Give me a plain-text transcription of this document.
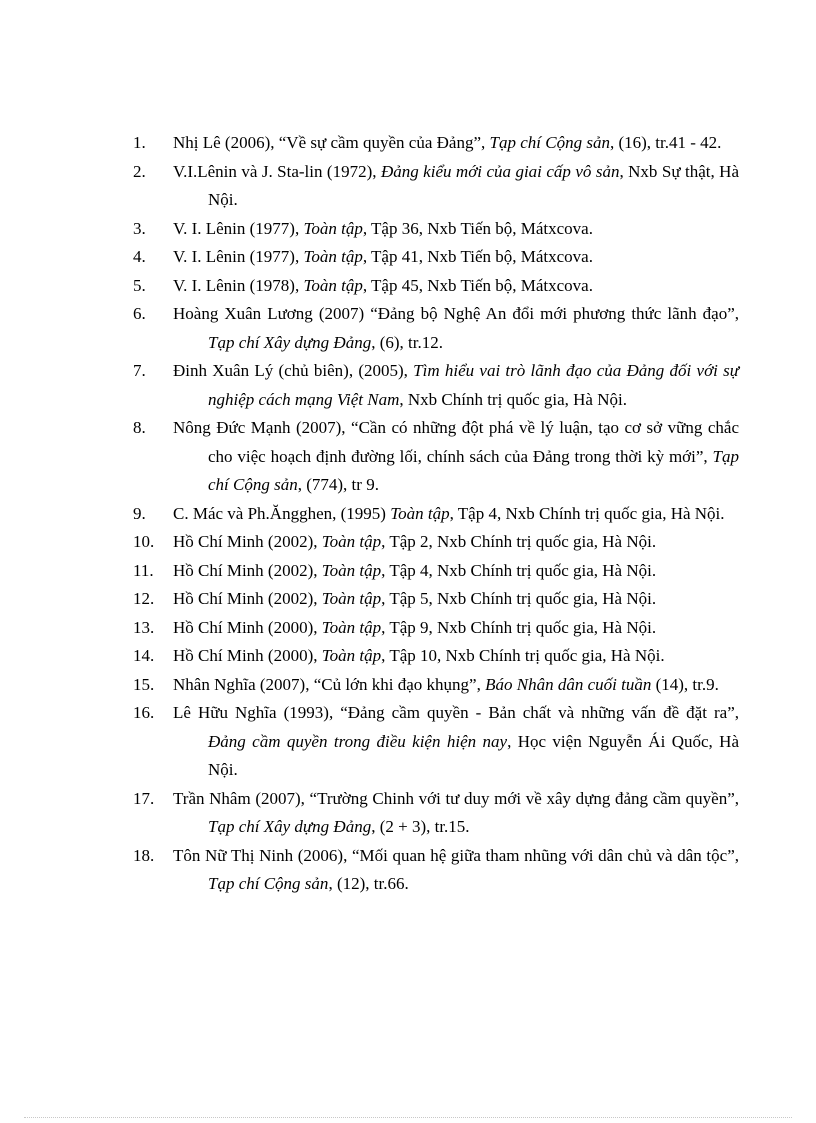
1. Nhị Lê (2006), “Về sự cầm quyền của Đảng”, Tạp chí Cộng sản, (16), tr.41 - 42.
2. V.I.Lênin và J. Sta-lin (1972), Đảng kiểu mới của giai cấp vô sản, Nxb Sự thật, Hà Nội.
3. V. I. Lênin (1977), Toàn tập, Tập 36, Nxb Tiến bộ, Mátxcova.
4. V. I. Lênin (1977), Toàn tập, Tập 41, Nxb Tiến bộ, Mátxcova.
5. V. I. Lênin (1978), Toàn tập, Tập 45, Nxb Tiến bộ, Mátxcova.
6. Hoàng Xuân Lương (2007) “Đảng bộ Nghệ An đổi mới phương thức lãnh đạo”, Tạp chí Xây dựng Đảng, (6), tr.12.
7. Đinh Xuân Lý (chủ biên), (2005), Tìm hiểu vai trò lãnh đạo của Đảng đối với sự nghiệp cách mạng Việt Nam, Nxb Chính trị quốc gia, Hà Nội.
8. Nông Đức Mạnh (2007), “Cần có những đột phá về lý luận, tạo cơ sở vững chắc cho việc hoạch định đường lối, chính sách của Đảng trong thời kỳ mới”, Tạp chí Cộng sản, (774), tr 9.
9. C. Mác và Ph.Ăngghen, (1995) Toàn tập, Tập 4, Nxb Chính trị quốc gia, Hà Nội.
10. Hồ Chí Minh (2002), Toàn tập, Tập 2, Nxb Chính trị quốc gia, Hà Nội.
11. Hồ Chí Minh (2002), Toàn tập, Tập 4, Nxb Chính trị quốc gia, Hà Nội.
12. Hồ Chí Minh (2002), Toàn tập, Tập 5, Nxb Chính trị quốc gia, Hà Nội.
13. Hồ Chí Minh (2000), Toàn tập, Tập 9, Nxb Chính trị quốc gia, Hà Nội.
14. Hồ Chí Minh (2000), Toàn tập, Tập 10, Nxb Chính trị quốc gia, Hà Nội.
15. Nhân Nghĩa (2007), “Củ lớn khi đạo khụng”, Báo Nhân dân cuối tuần (14), tr.9.
16. Lê Hữu Nghĩa (1993), “Đảng cầm quyền - Bản chất và những vấn đề đặt ra”, Đảng cầm quyền trong điều kiện hiện nay, Học viện Nguyễn Ái Quốc, Hà Nội.
17. Trần Nhâm (2007), “Trường Chinh với tư duy mới về xây dựng đảng cầm quyền”, Tạp chí Xây dựng Đảng, (2 + 3), tr.15.
18. Tôn Nữ Thị Ninh (2006), “Mối quan hệ giữa tham nhũng với dân chủ và dân tộc”, Tạp chí Cộng sản, (12), tr.66.
